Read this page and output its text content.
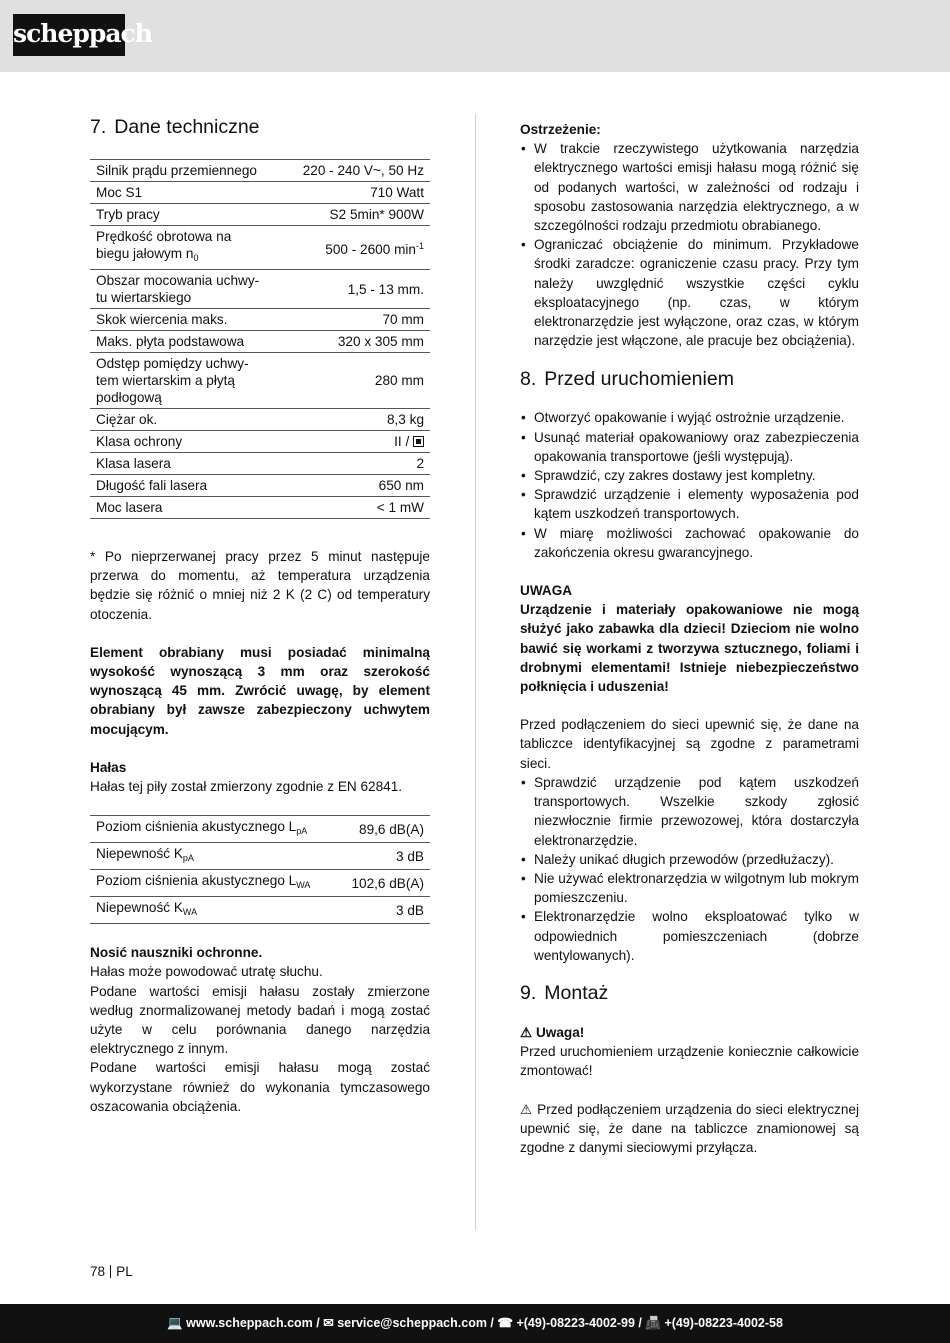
scheppach
7. Dane techniczne
Silnik prądu przemiennego	220 - 240 V~, 50 Hz
Moc S1	710 Watt
Tryb pracy	S2 5min* 900W
Prędkość obrotowa na
biegu jałowym $n_0$	500 - 2600 $\min^{-1}$
Obszar mocowania uchwy-
tu wiertarskiego	1,5 - 13 mm.
Skok wiercenia maks.	70 mm
Maks. płyta podstawowa	320 x 305 mm
Odstęp pomiędzy uchwy-
tem wiertarskim a płytą
podłogową	280 mm
Ciężar ok.	8,3 kg
Klasa ochrony	II /
Klasa lasera	2
Długość fali lasera	650 nm
Moc lasera	< 1 mW

* Po nieprzerwanej pracy przez 5 minut następuje przerwa do momentu, aż temperatura urządzenia będzie się różnić o mniej niż 2 K (2 C) od temperatury otoczenia.

Element obrabiany musi posiadać minimalną wysokość wynoszącą 3 mm oraz szerokość wynoszącą 45 mm. Zwrócić uwagę, by element obrabiany był zawsze zabezpieczony uchwytem mocującym.

Hałas

Hałas tej piły został zmierzony zgodnie z EN 62841.

Poziom ciśnienia akustycznego $L_{pA}$	89,6 dB(A)
Niepewność $K_{pA}$	3 dB
Poziom ciśnienia akustycznego $L_{WA}$	102,6 dB(A)
Niepewność $K_{WA}$	3 dB

Nosić nauszniki ochronne.

Hałas może powodować utratę słuchu.

Podane wartości emisji hałasu zostały zmierzone według znormalizowanej metody badań i mogą zostać użyte w celu porównania danego narzędzia elektrycznego z innym.

Podane wartości emisji hałasu mogą zostać wykorzystane również do wykonania tymczasowego oszacowania obciążenia.

Ostrzeżenie:

• W trakcie rzeczywistego użytkowania narzędzia elektrycznego wartości emisji hałasu mogą różnić się od podanych wartości, w zależności od rodzaju i sposobu zastosowania narzędzia elektrycznego, a w szczególności rodzaju przedmiotu obrabianego.
• Ograniczać obciążenie do minimum. Przykładowe środki zaradcze: ograniczenie czasu pracy. Przy tym należy uwzględnić wszystkie części cyklu eksploatacyjnego (np. czas, w którym elektronarzędzie jest wyłączone, oraz czas, w którym narzędzie jest włączone, ale pracuje bez obciążenia).
8. Przed uruchomieniem
• Otworzyć opakowanie i wyjąć ostrożnie urządzenie.
• Usunąć materiał opakowaniowy oraz zabezpieczenia opakowania transportowe (jeśli występują).
• Sprawdzić, czy zakres dostawy jest kompletny.
• Sprawdzić urządzenie i elementy wyposażenia pod kątem uszkodzeń transportowych.
• W miarę możliwości zachować opakowanie do zakończenia okresu gwarancyjnego.

UWAGA

Urządzenie i materiały opakowaniowe nie mogą służyć jako zabawka dla dzieci! Dzieciom nie wolno bawić się workami z tworzywa sztucznego, foliami i drobnymi elementami! Istnieje niebezpieczeństwo połknięcia i uduszenia!

Przed podłączeniem do sieci upewnić się, że dane na tabliczce identyfikacyjnej są zgodne z parametrami sieci.

• Sprawdzić urządzenie pod kątem uszkodzeń transportowych. Wszelkie szkody zgłosić niezwłocznie firmie przewozowej, która dostarczyła elektronarzędzie.
• Należy unikać długich przewodów (przedłużaczy).
• Nie używać elektronarzędzia w wilgotnym lub mokrym pomieszczeniu.
• Elektronarzędzie wolno eksploatować tylko w odpowiednich pomieszczeniach (dobrze wentylowanych).
9. Montaż

⚠ Uwaga!

Przed uruchomieniem urządzenie koniecznie całkowicie zmontować!

⚠ Przed podłączeniem urządzenia do sieci elektrycznej upewnić się, że dane na tabliczce znamionowej są zgodne z danymi sieciowymi przyłącza.

78 PL
💻 www.scheppach.com / ✉ service@scheppach.com / ☎ +(49)-08223-4002-99 / 📠 +(49)-08223-4002-58
